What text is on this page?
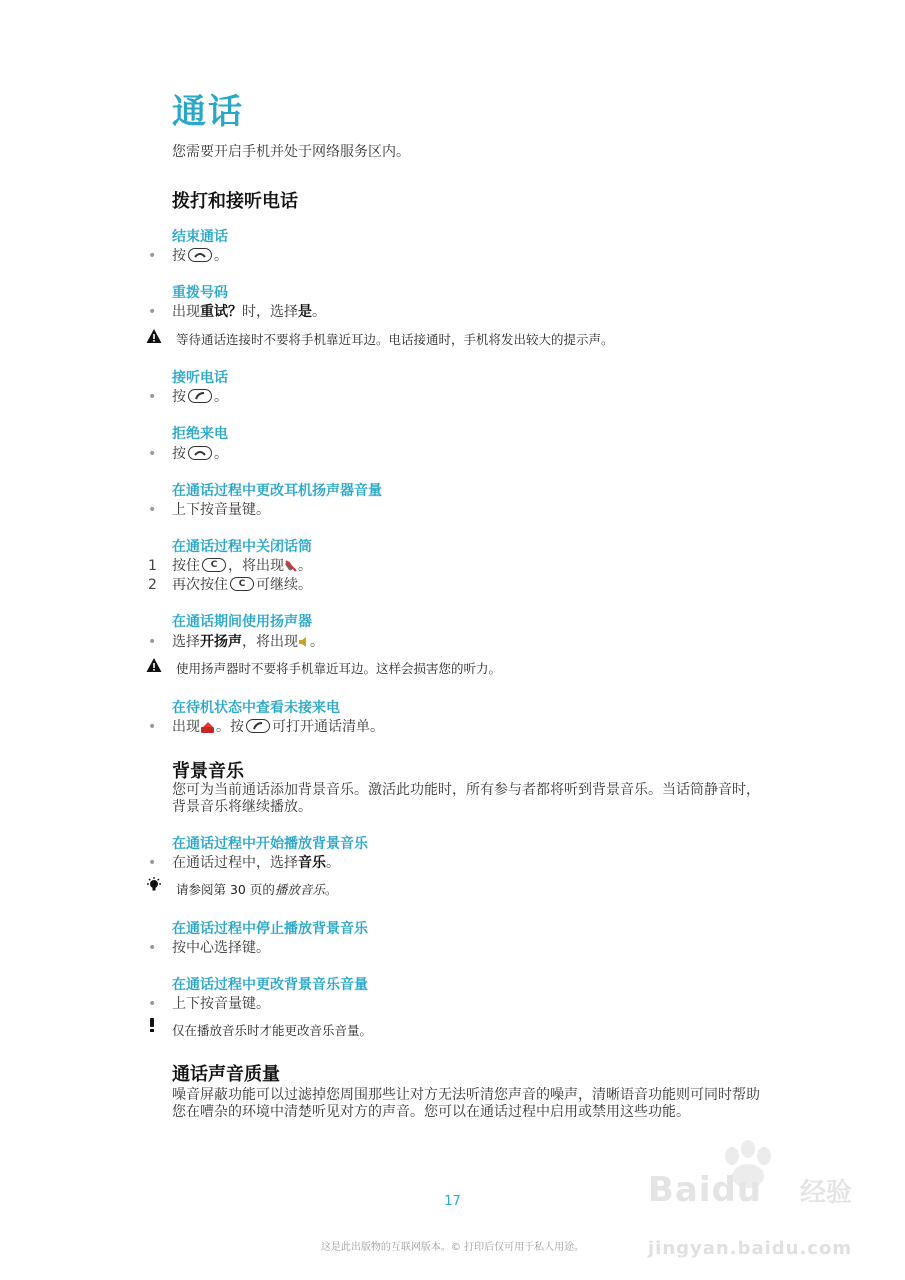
通话
您需要开启手机并处于网络服务区内。
拨打和接听电话
结束通话
• 按 。
重拨号码
• 出现重试？时，选择是。
等待通话连接时不要将手机靠近耳边。电话接通时，手机将发出较大的提示声。
接听电话
• 按 。
拒绝来电
• 按 。
在通话过程中更改耳机扬声器音量
• 上下按音量键。
在通话过程中关闭话筒
1 按住	C ，将出现 。
2 再次按住	C 可继续。
在通话期间使用扬声器
• 选择开扬声，将出现 。
使用扬声器时不要将手机靠近耳边。这样会损害您的听力。
在待机状态中查看未接来电
• 出现 。按 可打开通话清单。
背景音乐
您可为当前通话添加背景音乐。激活此功能时，所有参与者都将听到背景音乐。当话筒静音时，背景音乐将继续播放。
在通话过程中开始播放背景音乐
• 在通话过程中，选择音乐。
请参阅第 30 页的播放音乐。
在通话过程中停止播放背景音乐
• 按中心选择键。
在通话过程中更改背景音乐音量
• 上下按音量键。
仅在播放音乐时才能更改音乐音量。
通话声音质量
噪音屏蔽功能可以过滤掉您周围那些让对方无法听清您声音的噪声，清晰语音功能则可同时帮助您在嘈杂的环境中清楚听见对方的声音。您可以在通话过程中启用或禁用这些功能。
Baidu 经验
jingyan.baidu.com
17
这是此出版物的互联网版本。© 打印后仅可用于私人用途。
